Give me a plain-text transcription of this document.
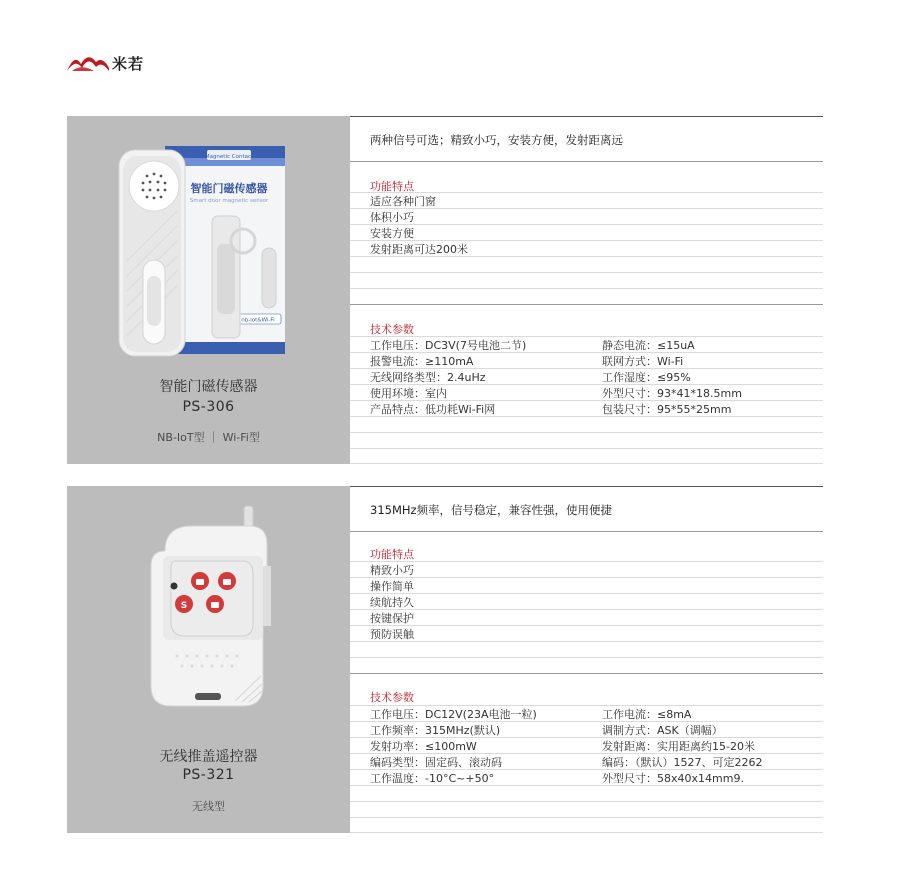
米若
Magnetic Contact
智能门磁传感器
Smart door magnetic sensor
nb-iot&Wi-Fi
智能门磁传感器
PS-306
NB-IoT型 ｜ Wi-Fi型
两种信号可选；精致小巧，安装方便，发射距离远
功能特点
适应各种门窗
体积小巧
安装方便
发射距离可达200米
技术参数
工作电压：DC3V(7号电池二节)	静态电流：≤15uA
报警电流：≥110mA	联网方式：Wi-Fi
无线网络类型：2.4uHz	工作湿度：≤95%
使用环境：室内	外型尺寸：93*41*18.5mm
产品特点：低功耗Wi-Fi网	包装尺寸：95*55*25mm
S
无线推盖遥控器
PS-321
无线型
315MHz频率，信号稳定，兼容性强，使用便捷
功能特点
精致小巧
操作简单
续航持久
按键保护
预防误触
技术参数
工作电压：DC12V(23A电池一粒)	工作电流：≤8mA
工作频率：315MHz(默认)	调制方式：ASK（调幅）
发射功率：≤100mW	发射距离：实用距离约15-20米
编码类型：固定码、滚动码	编码：（默认）1527、可定2262
工作温度：-10°C~+50°	外型尺寸：58x40x14mm9.
